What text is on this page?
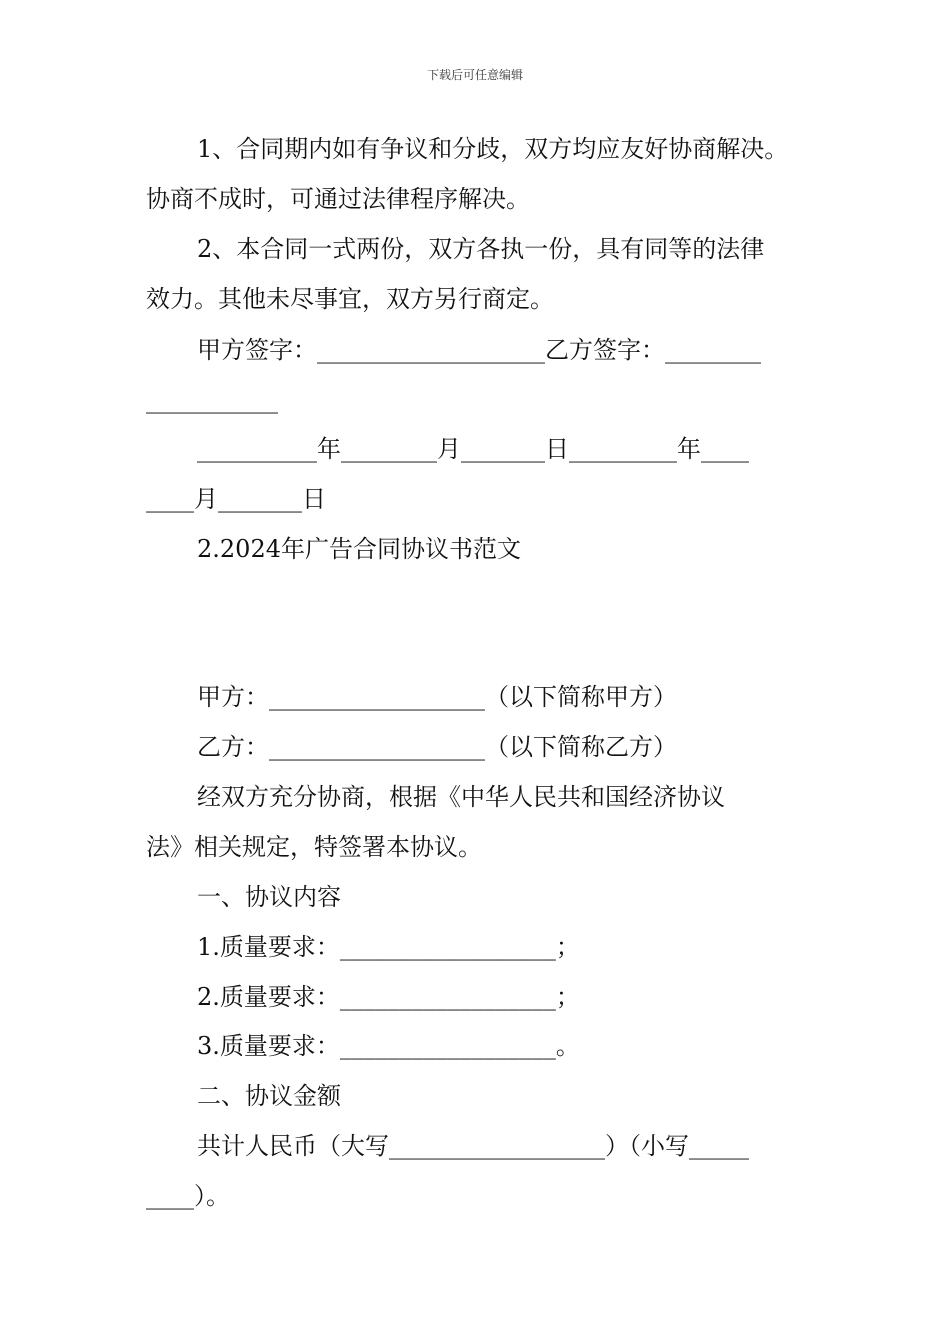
下载后可任意编辑

1、合同期内如有争议和分歧，双方均应友好协商解决。

协商不成时，可通过法律程序解决。

2、本合同一式两份，双方各执一份，具有同等的法律

效力。其他未尽事宜，双方另行商定。

甲方签字：___________________乙方签字：________

___________

__________年________月_______日_________年____

____月_______日

2.2024年广告合同协议书范文

甲方：__________________（以下简称甲方）

乙方：__________________（以下简称乙方）

经双方充分协商，根据《中华人民共和国经济协议

法》相关规定，特签署本协议。

一、协议内容

1.质量要求：__________________；

2.质量要求：__________________；

3.质量要求：__________________。

二、协议金额

共计人民币（大写__________________）（小写_____

____）。
